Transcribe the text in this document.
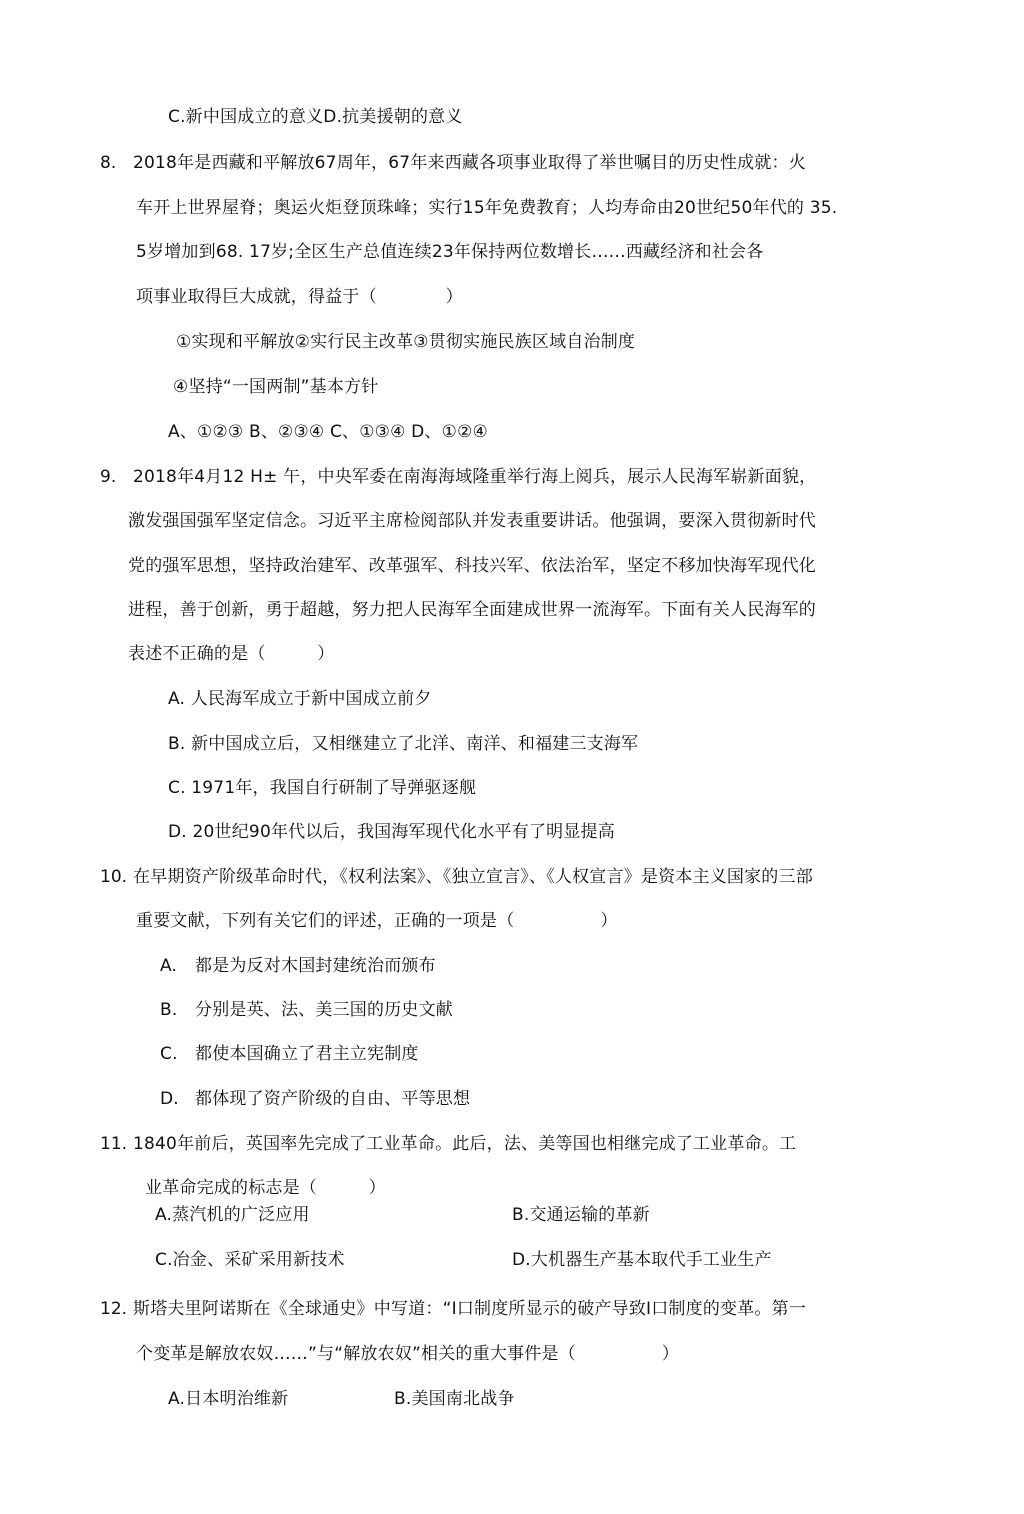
C.新中国成立的意义D.抗美援朝的意义
8. 2018年是西藏和平解放67周年，67年来西藏各项事业取得了举世嘱目的历史性成就：火
车开上世界屋脊；奥运火炬登顶珠峰；实行15年免费教育；人均寿命由20世纪50年代的 35.
5岁增加到68. 17岁;全区生产总值连续23年保持两位数增长……西藏经济和社会各
项事业取得巨大成就，得益于（　　　　）
①实现和平解放②实行民主改革③贯彻实施民族区域自治制度
④坚持“一国两制”基本方针
A、①②③ B、②③④ C、①③④ D、①②④
9. 2018年4月12 H± 午，中央军委在南海海域隆重举行海上阅兵，展示人民海军崭新面貌，
激发强国强军坚定信念。习近平主席检阅部队并发表重要讲话。他强调，要深入贯彻新时代
党的强军思想，坚持政治建军、改革强军、科技兴军、依法治军，坚定不移加快海军现代化
进程，善于创新，勇于超越，努力把人民海军全面建成世界一流海军。下面有关人民海军的
表述不正确的是（　　　）
A. 人民海军成立于新中国成立前夕
B. 新中国成立后，又相继建立了北洋、南洋、和福建三支海军
C. 1971年，我国自行研制了导弹驱逐舰
D. 20世纪90年代以后，我国海军现代化水平有了明显提高
10. 在早期资产阶级革命时代，《权利法案》、《独立宣言》、《人权宣言》是资本主义国家的三部
重要文献，下列有关它们的评述，正确的一项是（　　　　　）
A. 都是为反对木国封建统治而颁布
B. 分别是英、法、美三国的历史文献
C. 都使本国确立了君主立宪制度
D. 都体现了资产阶级的自由、平等思想
11. 1840年前后，英国率先完成了工业革命。此后，法、美等国也相继完成了工业革命。工
业革命完成的标志是（　　　）
A.蒸汽机的广泛应用	B.交通运输的革新
C.冶金、采矿采用新技术	D.大机器生产基本取代手工业生产
12. 斯塔夫里阿诺斯在《全球通史》中写道：“I口制度所显示的破产导致I口制度的变革。第一
个变革是解放农奴……”与“解放农奴”相关的重大事件是（　　　　　）
A.日本明治维新	B.美国南北战争
